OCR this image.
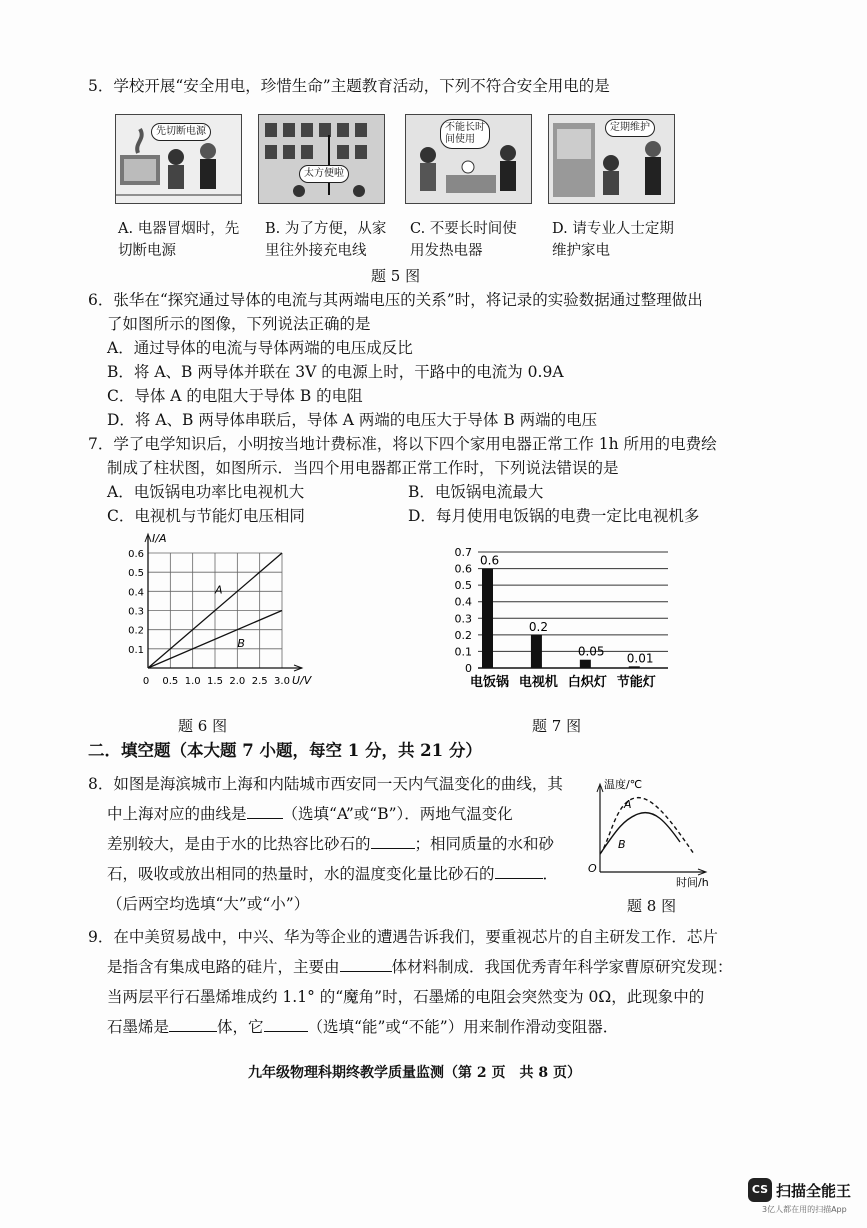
5．学校开展“安全用电，珍惜生命”主题教育活动，下列不符合安全用电的是
先切断电源
太方便啦
不能长时间使用
定期维护
A. 电器冒烟时，先
切断电源
B. 为了方便，从家
里往外接充电线
C. 不要长时间使
用发热电器
D. 请专业人士定期
维护家电
题 5 图
6．张华在“探究通过导体的电流与其两端电压的关系”时，将记录的实验数据通过整理做出
了如图所示的图像，下列说法正确的是
A．通过导体的电流与导体两端的电压成反比
B．将 A、B 两导体并联在 3V 的电源上时，干路中的电流为 0.9A
C．导体 A 的电阻大于导体 B 的电阻
D．将 A、B 两导体串联后，导体 A 两端的电压大于导体 B 两端的电压
7．学了电学知识后，小明按当地计费标准，将以下四个家用电器正常工作 1h 所用的电费绘
制成了柱状图，如图所示．当四个用电器都正常工作时，下列说法错误的是
A．电饭锅电功率比电视机大	B．电饭锅电流最大
C．电视机与节能灯电压相同	D．每月使用电饭锅的电费一定比电视机多
0.1
0.2
0.3
0.4
0.5
0.6
0 0.5 1.0 1.5 2.0 2.5 3.0
I/A
U/V
A
B
题 6 图
0
0.1
0.2
0.3
0.4
0.5
0.6
0.7
0.6
电饭锅
0.2
电视机
0.05
白炽灯
0.01
节能灯
题 7 图
二．填空题（本大题 7 小题，每空 1 分，共 21 分）
8．如图是海滨城市上海和内陆城市西安同一天内气温变化的曲线，其
中上海对应的曲线是 （选填“A”或“B”）．两地气温变化
差别较大，是由于水的比热容比砂石的	；相同质量的水和砂
石，吸收或放出相同的热量时，水的温度变化量比砂石的	．
（后两空均选填“大”或“小”）
温度/℃
时间/h
O
A
B
题 8 图
9．在中美贸易战中，中兴、华为等企业的遭遇告诉我们，要重视芯片的自主研发工作．芯片
是指含有集成电路的硅片，主要由	体材料制成．我国优秀青年科学家曹原研究发现：
当两层平行石墨烯堆成约 1.1° 的“魔角”时，石墨烯的电阻会突然变为 0Ω，此现象中的
石墨烯是	体，它	（选填“能”或“不能”）用来制作滑动变阻器．
九年级物理科期终教学质量监测（第 2 页　共 8 页）
CS 扫描全能王
3亿人都在用的扫描App
